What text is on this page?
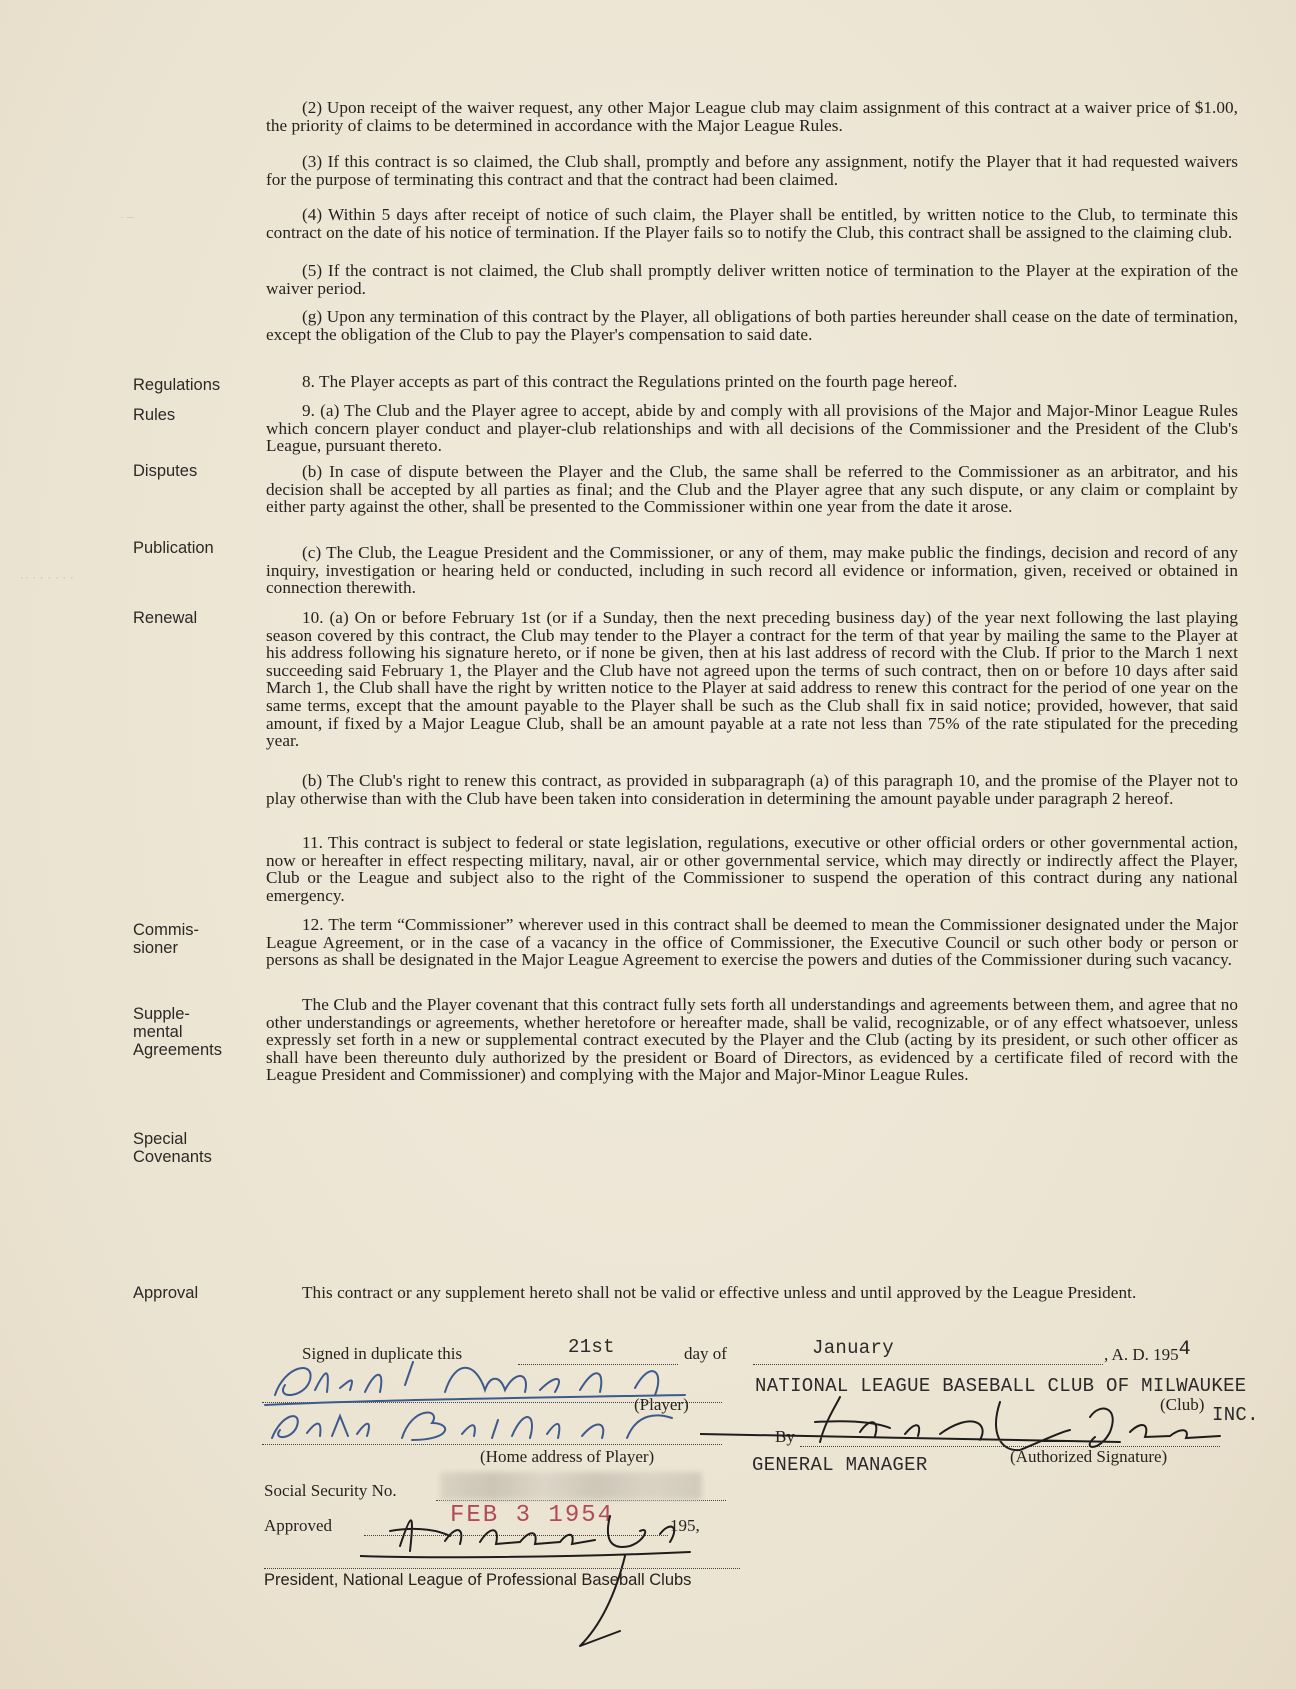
· ─
·· · · · · · ·
(2) Upon receipt of the waiver request, any other Major League club may claim assignment of this contract at a waiver price of $1.00, the priority of claims to be determined in accordance with the Major League Rules.
(3) If this contract is so claimed, the Club shall, promptly and before any assignment, notify the Player that it had requested waivers for the purpose of terminating this contract and that the contract had been claimed.
(4) Within 5 days after receipt of notice of such claim, the Player shall be entitled, by written notice to the Club, to terminate this contract on the date of his notice of termination. If the Player fails so to notify the Club, this contract shall be assigned to the claiming club.
(5) If the contract is not claimed, the Club shall promptly deliver written notice of termination to the Player at the expiration of the waiver period.
(g) Upon any termination of this contract by the Player, all obligations of both parties hereunder shall cease on the date of termination, except the obligation of the Club to pay the Player's compensation to said date.
Regulations	8. The Player accepts as part of this contract the Regulations printed on the fourth page hereof.
Rules	9. (a) The Club and the Player agree to accept, abide by and comply with all provisions of the Major and Major-Minor League Rules which concern player conduct and player-club relationships and with all decisions of the Commissioner and the President of the Club's League, pursuant thereto.
Disputes	(b) In case of dispute between the Player and the Club, the same shall be referred to the Commissioner as an arbitrator, and his decision shall be accepted by all parties as final; and the Club and the Player agree that any such dispute, or any claim or complaint by either party against the other, shall be presented to the Commissioner within one year from the date it arose.
Publication	(c) The Club, the League President and the Commissioner, or any of them, may make public the findings, decision and record of any inquiry, investigation or hearing held or conducted, including in such record all evidence or information, given, received or obtained in connection therewith.
Renewal	10. (a) On or before February 1st (or if a Sunday, then the next preceding business day) of the year next following the last playing season covered by this contract, the Club may tender to the Player a contract for the term of that year by mailing the same to the Player at his address following his signature hereto, or if none be given, then at his last address of record with the Club. If prior to the March 1 next succeeding said February 1, the Player and the Club have not agreed upon the terms of such contract, then on or before 10 days after said March 1, the Club shall have the right by written notice to the Player at said address to renew this contract for the period of one year on the same terms, except that the amount payable to the Player shall be such as the Club shall fix in said notice; provided, however, that said amount, if fixed by a Major League Club, shall be an amount payable at a rate not less than 75% of the rate stipulated for the preceding year.
(b) The Club's right to renew this contract, as provided in subparagraph (a) of this paragraph 10, and the promise of the Player not to play otherwise than with the Club have been taken into consideration in determining the amount payable under paragraph 2 hereof.
11. This contract is subject to federal or state legislation, regulations, executive or other official orders or other governmental action, now or hereafter in effect respecting military, naval, air or other governmental service, which may directly or indirectly affect the Player, Club or the League and subject also to the right of the Commissioner to suspend the operation of this contract during any national emergency.
Commis-
sioner
12. The term “Commissioner” wherever used in this contract shall be deemed to mean the Commissioner designated under the Major League Agreement, or in the case of a vacancy in the office of Commissioner, the Executive Council or such other body or person or persons as shall be designated in the Major League Agreement to exercise the powers and duties of the Commissioner during such vacancy.
Supple-
mental
Agreements
The Club and the Player covenant that this contract fully sets forth all understandings and agreements between them, and agree that no other understandings or agreements, whether heretofore or hereafter made, shall be valid, recognizable, or of any effect whatsoever, unless expressly set forth in a new or supplemental contract executed by the Player and the Club (acting by its president, or such other officer as shall have been thereunto duly authorized by the president or Board of Directors, as evidenced by a certificate filed of record with the League President and Commissioner) and complying with the Major and Major-Minor League Rules.
Special
Covenants
Approval	This contract or any supplement hereto shall not be valid or effective unless and until approved by the League President.
Signed in duplicate this	21st	day of	January	, A. D. 1954
NATIONAL LEAGUE BASEBALL CLUB OF MILWAUKEE
(Player)	(Club) INC.
(Home address of Player)
By
GENERAL MANAGER	(Authorized Signature)
Social Security No.
Approved	FEB 3 1954	195,
President, National League of Professional Baseball Clubs
